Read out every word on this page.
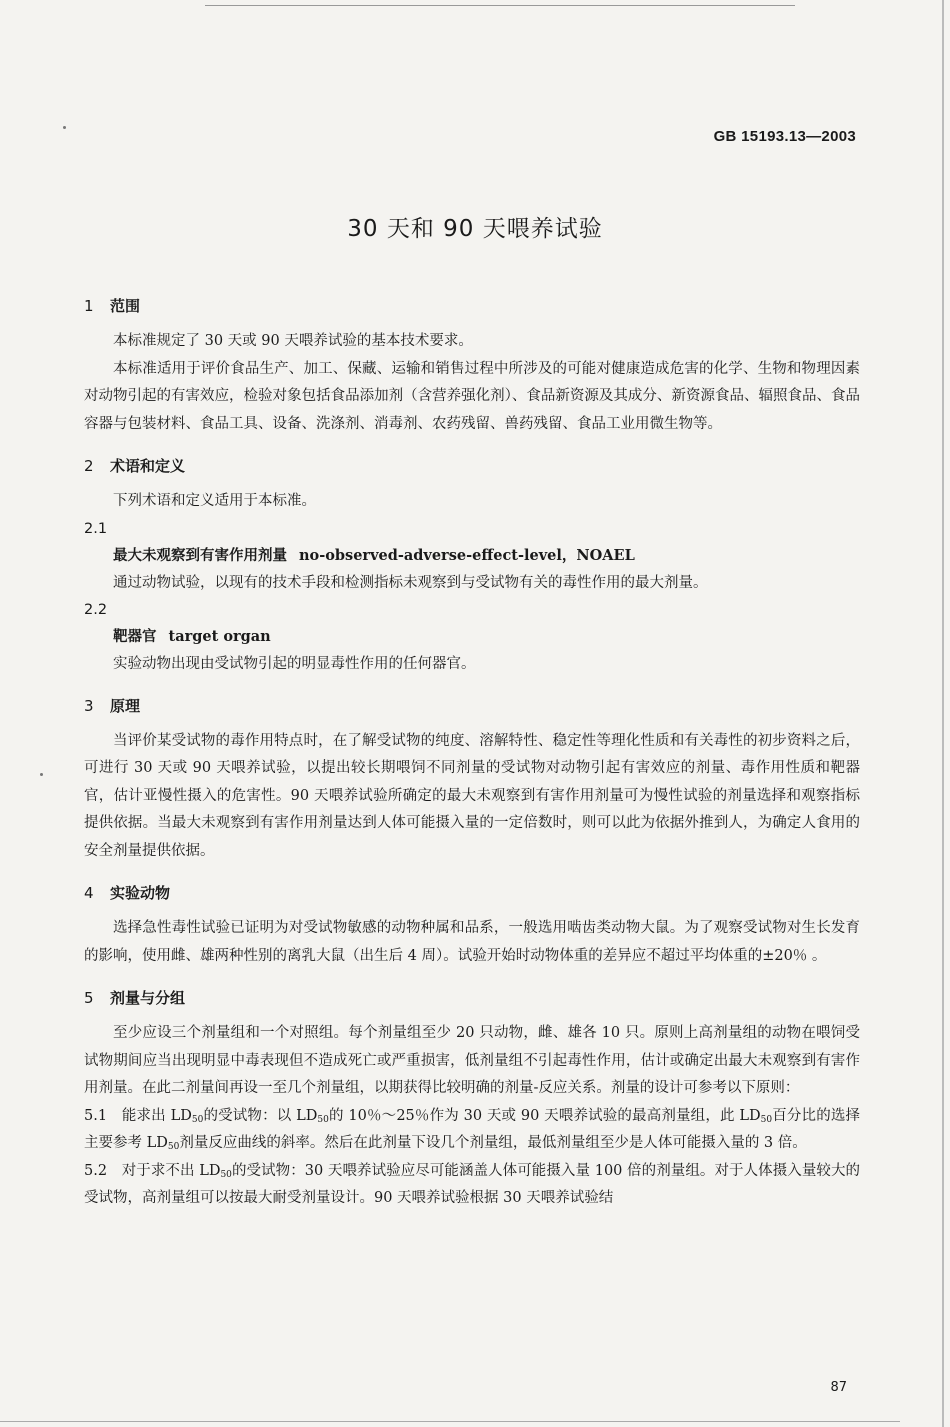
GB 15193.13—2003
30 天和 90 天喂养试验
1 范围

本标准规定了 30 天或 90 天喂养试验的基本技术要求。

本标准适用于评价食品生产、加工、保藏、运输和销售过程中所涉及的可能对健康造成危害的化学、生物和物理因素对动物引起的有害效应，检验对象包括食品添加剂（含营养强化剂）、食品新资源及其成分、新资源食品、辐照食品、食品容器与包装材料、食品工具、设备、洗涤剂、消毒剂、农药残留、兽药残留、食品工业用微生物等。

2 术语和定义

下列术语和定义适用于本标准。

2.1
最大未观察到有害作用剂量 no-observed-adverse-effect-level，NOAEL
通过动物试验，以现有的技术手段和检测指标未观察到与受试物有关的毒性作用的最大剂量。
2.2
靶器官 target organ
实验动物出现由受试物引起的明显毒性作用的任何器官。
3 原理

当评价某受试物的毒作用特点时，在了解受试物的纯度、溶解特性、稳定性等理化性质和有关毒性的初步资料之后，可进行 30 天或 90 天喂养试验，以提出较长期喂饲不同剂量的受试物对动物引起有害效应的剂量、毒作用性质和靶器官，估计亚慢性摄入的危害性。90 天喂养试验所确定的最大未观察到有害作用剂量可为慢性试验的剂量选择和观察指标提供依据。当最大未观察到有害作用剂量达到人体可能摄入量的一定倍数时，则可以此为依据外推到人，为确定人食用的安全剂量提供依据。

4 实验动物

选择急性毒性试验已证明为对受试物敏感的动物种属和品系，一般选用啮齿类动物大鼠。为了观察受试物对生长发育的影响，使用雌、雄两种性别的离乳大鼠（出生后 4 周）。试验开始时动物体重的差异应不超过平均体重的±20％ 。

5 剂量与分组

至少应设三个剂量组和一个对照组。每个剂量组至少 20 只动物，雌、雄各 10 只。原则上高剂量组的动物在喂饲受试物期间应当出现明显中毒表现但不造成死亡或严重损害，低剂量组不引起毒性作用，估计或确定出最大未观察到有害作用剂量。在此二剂量间再设一至几个剂量组，以期获得比较明确的剂量-反应关系。剂量的设计可参考以下原则：

5.1　 能求出 $LD_{50}$的受试物：以 $LD_{50}$的 10％～25％作为 30 天或 90 天喂养试验的最高剂量组，此 $LD_{50}$百分比的选择主要参考 $LD_{50}$剂量反应曲线的斜率。然后在此剂量下设几个剂量组，最低剂量组至少是人体可能摄入量的 3 倍。

5.2　 对于求不出 $LD_{50}$的受试物：30 天喂养试验应尽可能涵盖人体可能摄入量 100 倍的剂量组。对于人体摄入量较大的受试物，高剂量组可以按最大耐受剂量设计。90 天喂养试验根据 30 天喂养试验结

87
